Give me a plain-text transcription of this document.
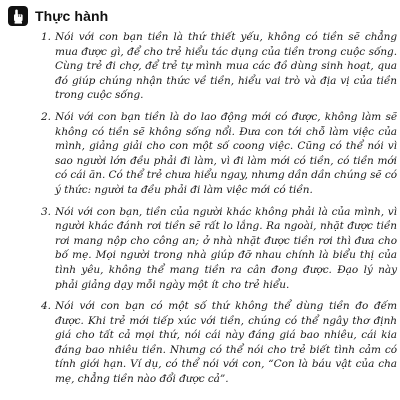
Thực hành
1. Nói với con bạn tiền là thứ thiết yếu, không có tiền sẽ chẳng mua được gì, để cho trẻ hiểu tác dụng của tiền trong cuộc sống. Cùng trẻ đi chợ, để trẻ tự mình mua các đồ dùng sinh hoạt, qua đó giúp chúng nhận thức về tiền, hiểu vai trò và địa vị của tiền trong cuộc sống.
2. Nói với con bạn tiền là do lao động mới có được, không làm sẽ không có tiền sẽ không sống nổi. Đưa con tới chỗ làm việc của mình, giảng giải cho con một số coong việc. Cũng có thể nói vì sao người lớn đều phải đi làm, vì đi làm mới có tiền, có tiền mới có cái ăn. Có thể trẻ chưa hiểu ngay, nhưng dần dần chúng sẽ có ý thức: người ta đều phải đi làm việc mới có tiền.
3. Nói với con bạn, tiền của người khác không phải là của mình, vì người khác đánh rơi tiền sẽ rất lo lắng. Ra ngoài, nhặt được tiền rơi mang nộp cho công an; ở nhà nhặt được tiền rơi thì đưa cho bố mẹ. Mọi người trong nhà giúp đỡ nhau chính là biểu thị của tình yêu, không thể mang tiền ra cân đong được. Đạo lý này phải giảng dạy mỗi ngày một ít cho trẻ hiểu.
4. Nói với con bạn có một số thứ không thể dùng tiền đo đếm được. Khi trẻ mới tiếp xúc với tiền, chúng có thể ngây thơ định giá cho tất cả mọi thứ, nói cái này đáng giá bao nhiêu, cái kia đáng bao nhiêu tiền. Nhưng có thể nói cho trẻ biết tình cảm có tính giới hạn. Ví dụ, có thể nói với con, “Con là báu vật của cha mẹ, chẳng tiền nào đổi được cả”.
